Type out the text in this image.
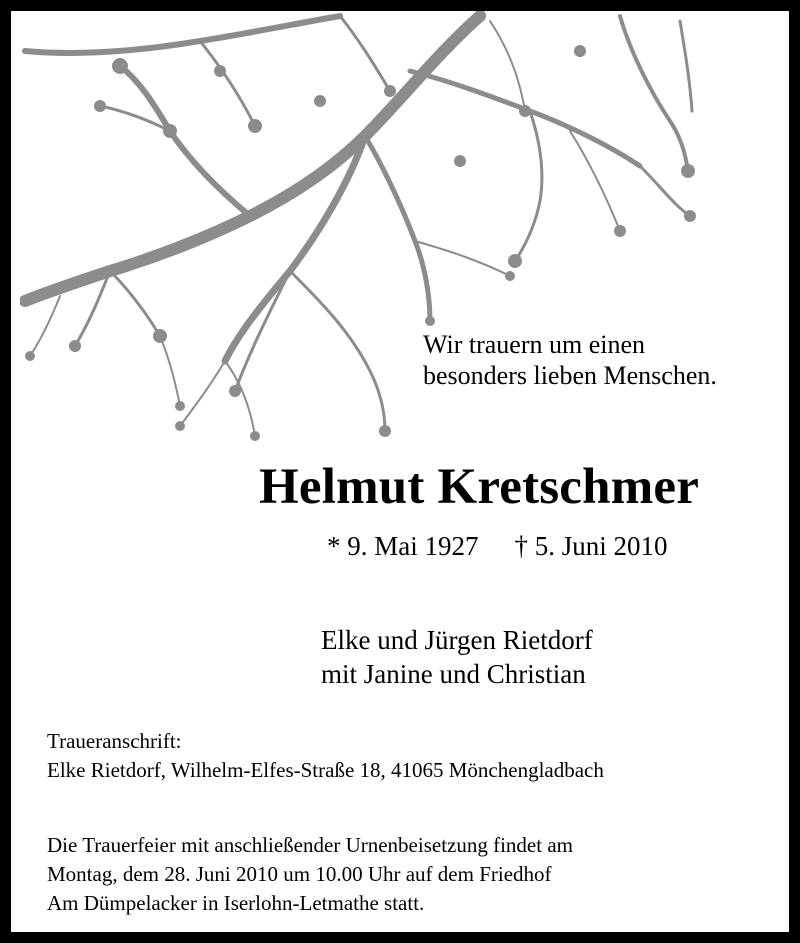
Wir trauern um einen
besonders lieben Menschen.
Helmut Kretschmer
* 9. Mai 1927 † 5. Juni 2010
Elke und Jürgen Rietdorf
mit Janine und Christian
Traueranschrift:
Elke Rietdorf, Wilhelm-Elfes-Straße 18, 41065 Mönchengladbach
Die Trauerfeier mit anschließender Urnenbeisetzung findet am
Montag, dem 28. Juni 2010 um 10.00 Uhr auf dem Friedhof
Am Dümpelacker in Iserlohn-Letmathe statt.
